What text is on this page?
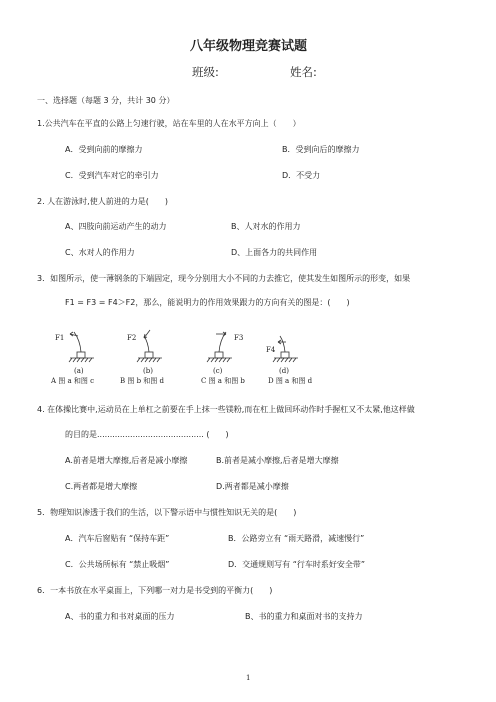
八年级物理竞赛试题
班级:	姓名:
一、选择题（每题 3 分，共计 30 分）
1.公共汽车在平直的公路上匀速行驶，站在车里的人在水平方向上（　　）
A．受到向前的摩擦力	B．受到向后的摩擦力
C．受到汽车对它的牵引力	D．不受力
2. 人在游泳时,使人前进的力是(　　)
A、四肢向前运动产生的动力	B、人对水的作用力
C、水对人的作用力	D、上面各力的共同作用
3．如图所示，使一薄钢条的下端固定，现今分别用大小不同的力去推它，使其发生如图所示的形变，如果
F1 = F3 = F4＞F2，那么，能说明力的作用效果跟力的方向有关的图是：(　　)
F1	F2	F3
F4
(a)	(b)	(c)	(d)
A 图 a 和图 c	B 图 b 和图 d	C 图 a 和图 b	D 图 a 和图 d
4. 在体操比赛中,运动员在上单杠之前要在手上抹一些镁粉,而在杠上做回环动作时手握杠又不太紧,他这样做
的目的是.......................................... (　　)
A.前者是增大摩擦,后者是减小摩擦	B.前者是减小摩擦,后者是增大摩擦
C.两者都是增大摩擦	D.两者都是减小摩擦
5．物理知识渗透于我们的生活，以下警示语中与惯性知识无关的是(　　)
A．汽车后窗贴有 “保持车距”	B．公路旁立有 “雨天路滑，减速慢行”
C．公共场所标有 “禁止吸烟”	D．交通规则写有 “行车时系好安全带”
6．一本书放在水平桌面上，下列哪一对力是书受到的平衡力(　　)
A、书的重力和书对桌面的压力	B、书的重力和桌面对书的支持力
1
